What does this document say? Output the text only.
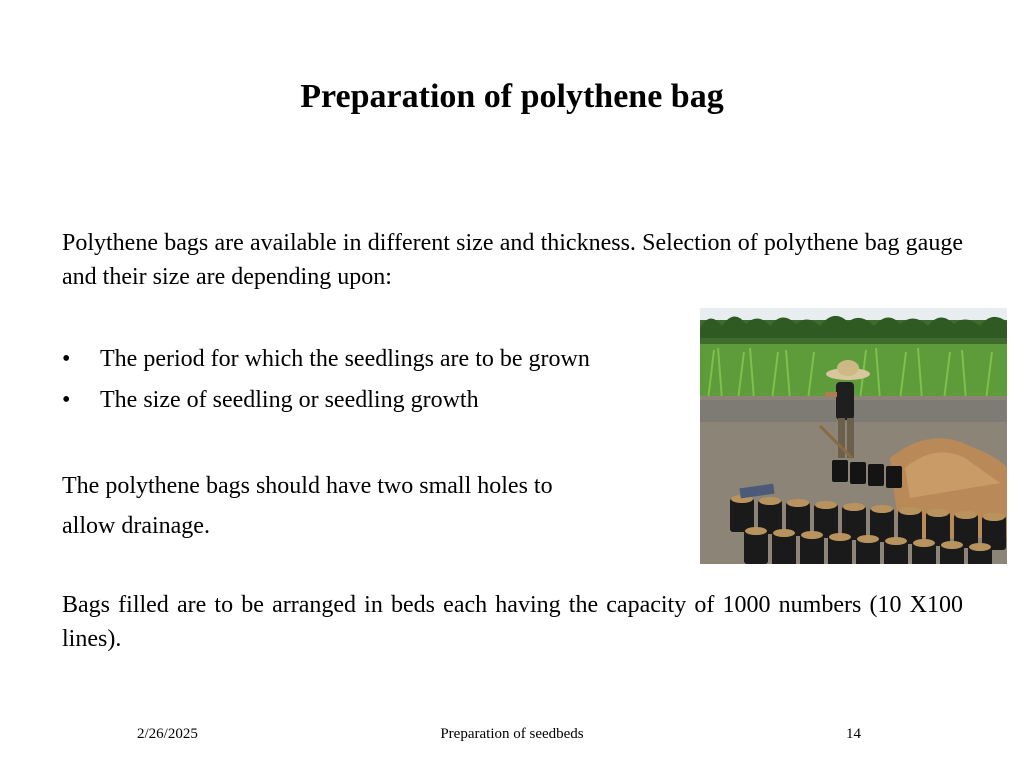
Preparation of polythene bag
Polythene bags are available in different size and thickness. Selection of polythene bag gauge and their size are depending upon:
• The period for which the seedlings are to be grown
• The size of seedling or seedling growth
The polythene bags should have two small holes to
allow drainage.
Bags filled are to be arranged in beds each having the capacity of 1000 numbers (10 X100 lines).
2/26/2025	Preparation of seedbeds	14
